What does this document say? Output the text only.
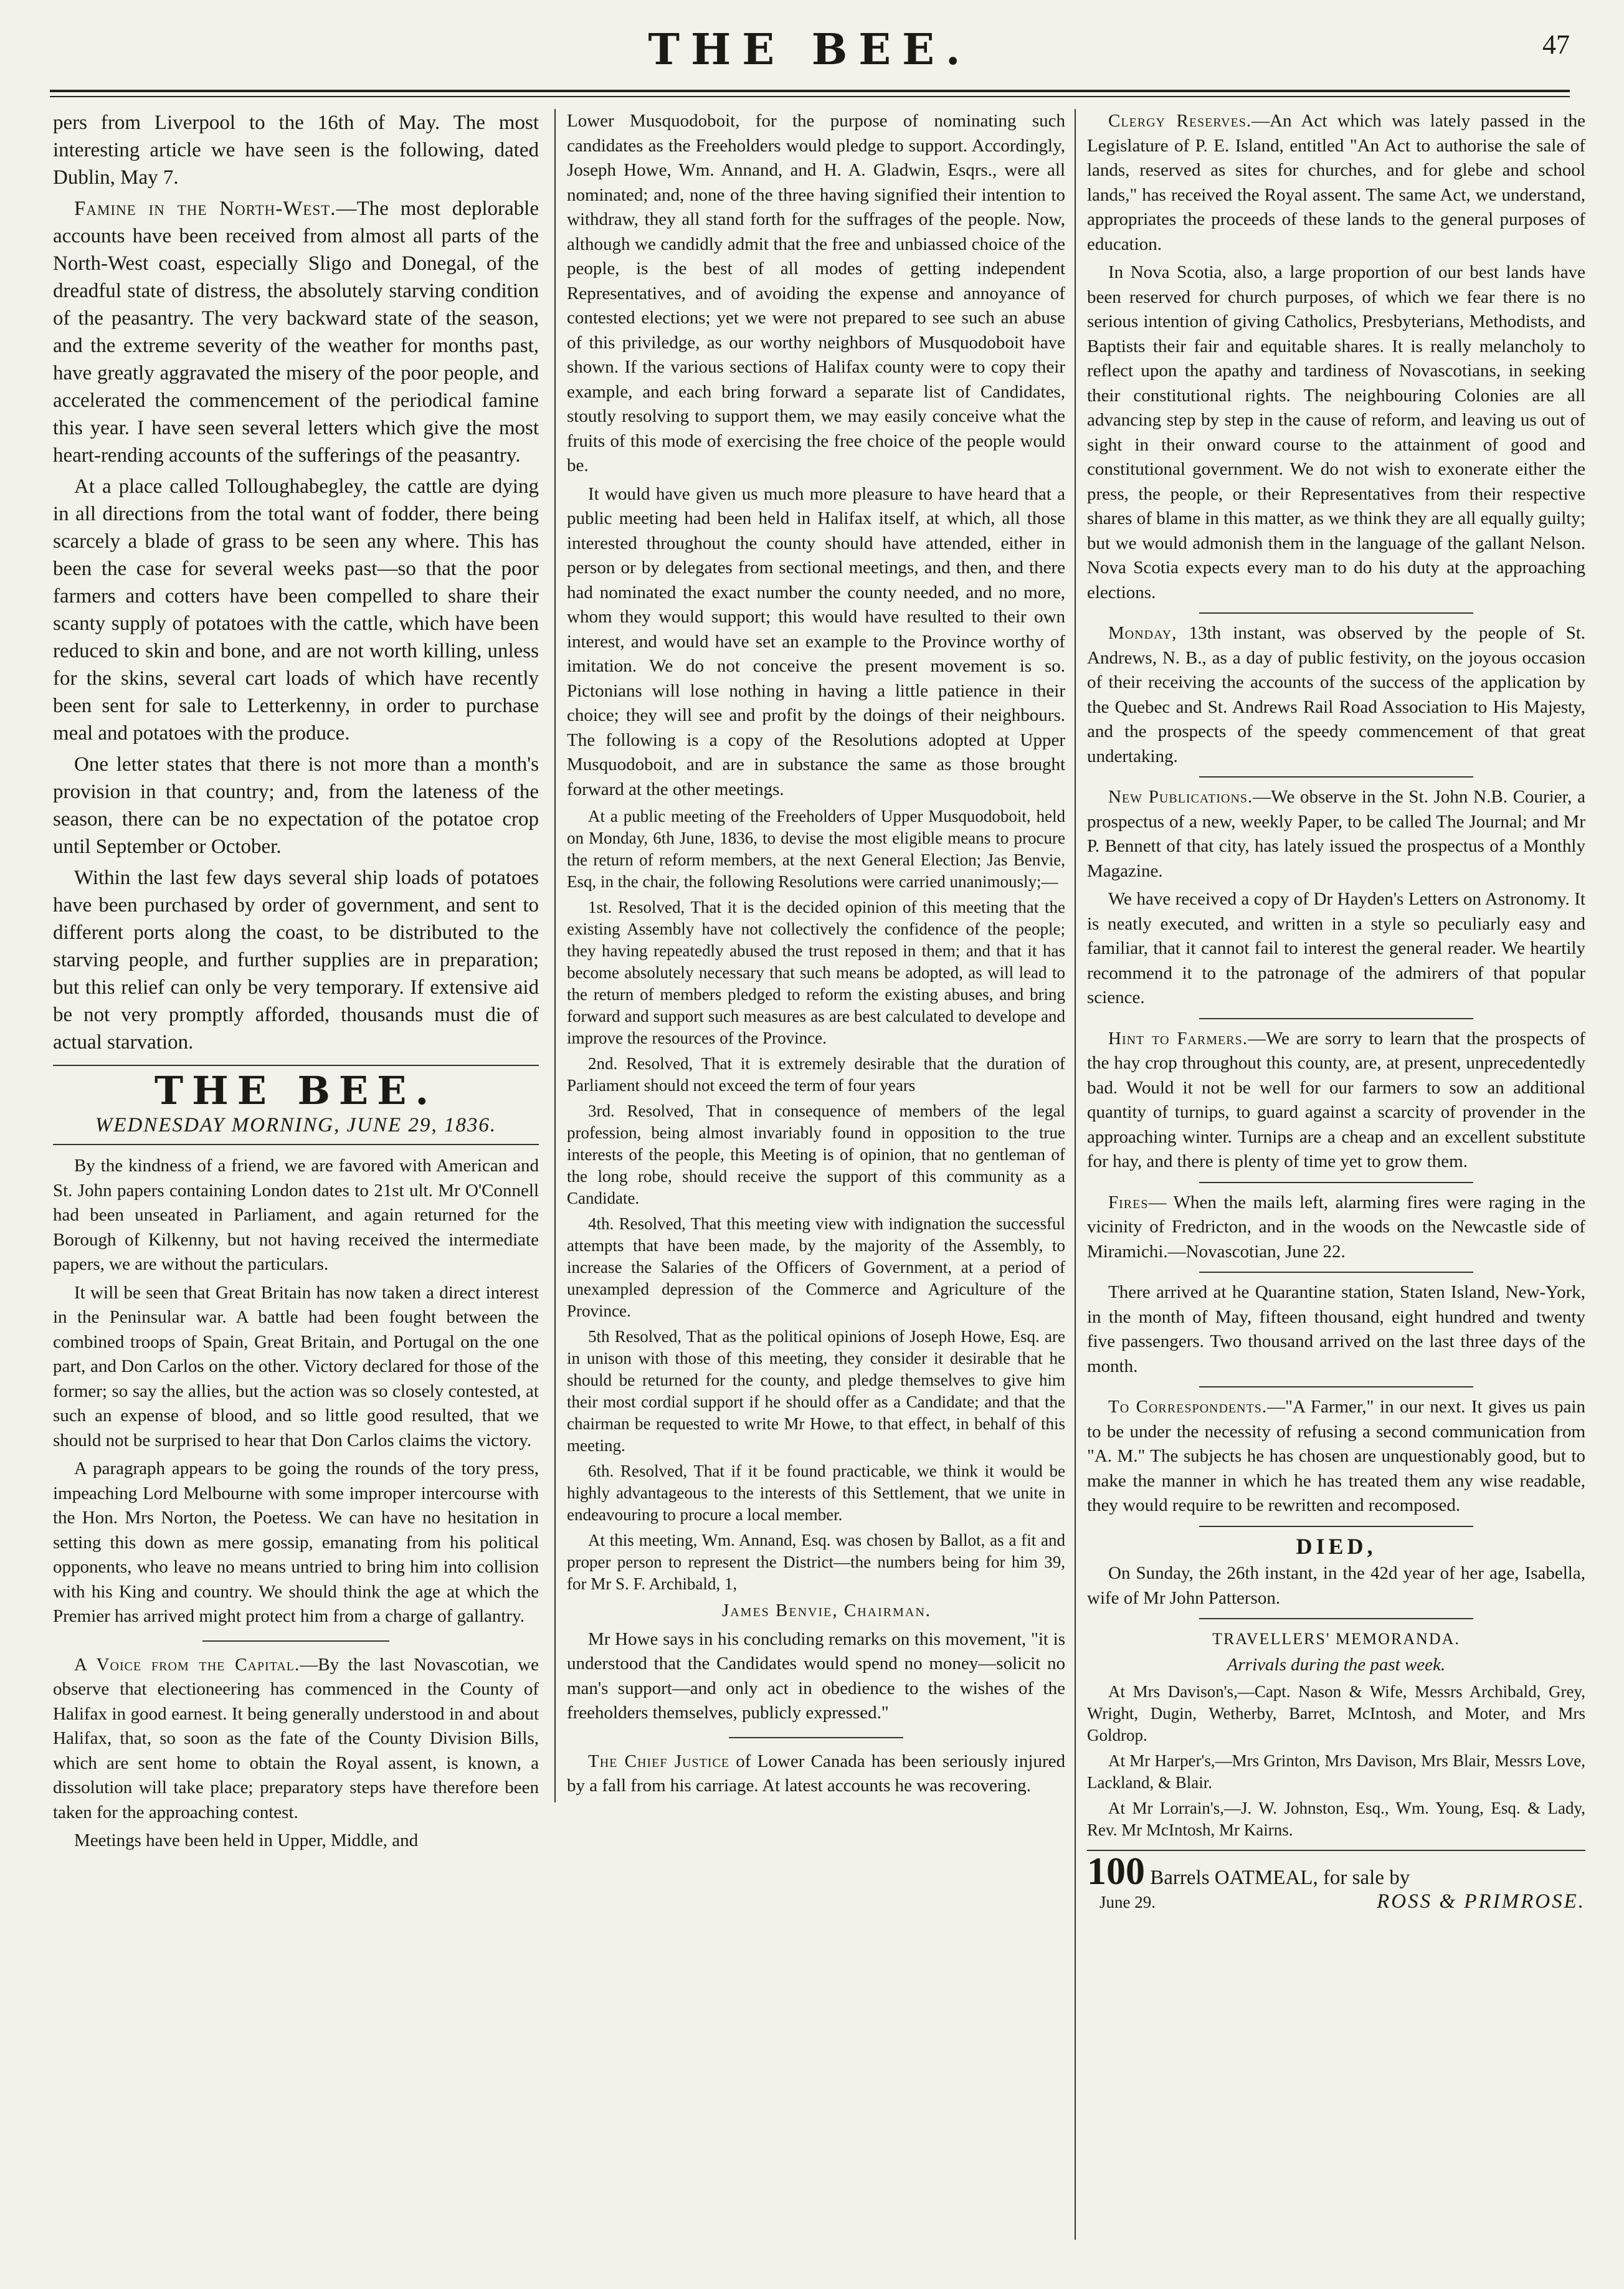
THE BEE.	47

pers from Liverpool to the 16th of May. The most interesting article we have seen is the following, dated Dublin, May 7.

Famine in the North-West.—The most deplorable accounts have been received from almost all parts of the North-West coast, especially Sligo and Donegal, of the dreadful state of distress, the absolutely starving condition of the peasantry. The very backward state of the season, and the extreme severity of the weather for months past, have greatly aggravated the misery of the poor people, and accelerated the commencement of the periodical famine this year. I have seen several letters which give the most heart-rending accounts of the sufferings of the peasantry.

At a place called Tolloughabegley, the cattle are dying in all directions from the total want of fodder, there being scarcely a blade of grass to be seen any where. This has been the case for several weeks past—so that the poor farmers and cotters have been compelled to share their scanty supply of potatoes with the cattle, which have been reduced to skin and bone, and are not worth killing, unless for the skins, several cart loads of which have recently been sent for sale to Letterkenny, in order to purchase meal and potatoes with the produce.

One letter states that there is not more than a month's provision in that country; and, from the lateness of the season, there can be no expectation of the potatoe crop until September or October.

Within the last few days several ship loads of potatoes have been purchased by order of government, and sent to different ports along the coast, to be distributed to the starving people, and further supplies are in preparation; but this relief can only be very temporary. If extensive aid be not very promptly afforded, thousands must die of actual starvation.

THE BEE.
WEDNESDAY MORNING, JUNE 29, 1836.

By the kindness of a friend, we are favored with American and St. John papers containing London dates to 21st ult. Mr O'Connell had been unseated in Parliament, and again returned for the Borough of Kilkenny, but not having received the intermediate papers, we are without the particulars.

It will be seen that Great Britain has now taken a direct interest in the Peninsular war. A battle had been fought between the combined troops of Spain, Great Britain, and Portugal on the one part, and Don Carlos on the other. Victory declared for those of the former; so say the allies, but the action was so closely contested, at such an expense of blood, and so little good resulted, that we should not be surprised to hear that Don Carlos claims the victory.

A paragraph appears to be going the rounds of the tory press, impeaching Lord Melbourne with some improper intercourse with the Hon. Mrs Norton, the Poetess. We can have no hesitation in setting this down as mere gossip, emanating from his political opponents, who leave no means untried to bring him into collision with his King and country. We should think the age at which the Premier has arrived might protect him from a charge of gallantry.

A Voice from the Capital.—By the last Novascotian, we observe that electioneering has commenced in the County of Halifax in good earnest. It being generally understood in and about Halifax, that, so soon as the fate of the County Division Bills, which are sent home to obtain the Royal assent, is known, a dissolution will take place; preparatory steps have therefore been taken for the approaching contest.

Meetings have been held in Upper, Middle, and

Lower Musquodoboit, for the purpose of nominating such candidates as the Freeholders would pledge to support. Accordingly, Joseph Howe, Wm. Annand, and H. A. Gladwin, Esqrs., were all nominated; and, none of the three having signified their intention to withdraw, they all stand forth for the suffrages of the people. Now, although we candidly admit that the free and unbiassed choice of the people, is the best of all modes of getting independent Representatives, and of avoiding the expense and annoyance of contested elections; yet we were not prepared to see such an abuse of this priviledge, as our worthy neighbors of Musquodoboit have shown. If the various sections of Halifax county were to copy their example, and each bring forward a separate list of Candidates, stoutly resolving to support them, we may easily conceive what the fruits of this mode of exercising the free choice of the people would be.

It would have given us much more pleasure to have heard that a public meeting had been held in Halifax itself, at which, all those interested throughout the county should have attended, either in person or by delegates from sectional meetings, and then, and there had nominated the exact number the county needed, and no more, whom they would support; this would have resulted to their own interest, and would have set an example to the Province worthy of imitation. We do not conceive the present movement is so. Pictonians will lose nothing in having a little patience in their choice; they will see and profit by the doings of their neighbours. The following is a copy of the Resolutions adopted at Upper Musquodoboit, and are in substance the same as those brought forward at the other meetings.

At a public meeting of the Freeholders of Upper Musquodoboit, held on Monday, 6th June, 1836, to devise the most eligible means to procure the return of reform members, at the next General Election; Jas Benvie, Esq, in the chair, the following Resolutions were carried unanimously;—

1st. Resolved, That it is the decided opinion of this meeting that the existing Assembly have not collectively the confidence of the people; they having repeatedly abused the trust reposed in them; and that it has become absolutely necessary that such means be adopted, as will lead to the return of members pledged to reform the existing abuses, and bring forward and support such measures as are best calculated to develope and improve the resources of the Province.

2nd. Resolved, That it is extremely desirable that the duration of Parliament should not exceed the term of four years

3rd. Resolved, That in consequence of members of the legal profession, being almost invariably found in opposition to the true interests of the people, this Meeting is of opinion, that no gentleman of the long robe, should receive the support of this community as a Candidate.

4th. Resolved, That this meeting view with indignation the successful attempts that have been made, by the majority of the Assembly, to increase the Salaries of the Officers of Government, at a period of unexampled depression of the Commerce and Agriculture of the Province.

5th Resolved, That as the political opinions of Joseph Howe, Esq. are in unison with those of this meeting, they consider it desirable that he should be returned for the county, and pledge themselves to give him their most cordial support if he should offer as a Candidate; and that the chairman be requested to write Mr Howe, to that effect, in behalf of this meeting.

6th. Resolved, That if it be found practicable, we think it would be highly advantageous to the interests of this Settlement, that we unite in endeavouring to procure a local member.

At this meeting, Wm. Annand, Esq. was chosen by Ballot, as a fit and proper person to represent the District—the numbers being for him 39, for Mr S. F. Archibald, 1,

James Benvie, Chairman.

Mr Howe says in his concluding remarks on this movement, "it is understood that the Candidates would spend no money—solicit no man's support—and only act in obedience to the wishes of the freeholders themselves, publicly expressed."

The Chief Justice of Lower Canada has been seriously injured by a fall from his carriage. At latest accounts he was recovering.

Clergy Reserves.—An Act which was lately passed in the Legislature of P. E. Island, entitled "An Act to authorise the sale of lands, reserved as sites for churches, and for glebe and school lands," has received the Royal assent. The same Act, we understand, appropriates the proceeds of these lands to the general purposes of education.

In Nova Scotia, also, a large proportion of our best lands have been reserved for church purposes, of which we fear there is no serious intention of giving Catholics, Presbyterians, Methodists, and Baptists their fair and equitable shares. It is really melancholy to reflect upon the apathy and tardiness of Novascotians, in seeking their constitutional rights. The neighbouring Colonies are all advancing step by step in the cause of reform, and leaving us out of sight in their onward course to the attainment of good and constitutional government. We do not wish to exonerate either the press, the people, or their Representatives from their respective shares of blame in this matter, as we think they are all equally guilty; but we would admonish them in the language of the gallant Nelson. Nova Scotia expects every man to do his duty at the approaching elections.

Monday, 13th instant, was observed by the people of St. Andrews, N. B., as a day of public festivity, on the joyous occasion of their receiving the accounts of the success of the application by the Quebec and St. Andrews Rail Road Association to His Majesty, and the prospects of the speedy commencement of that great undertaking.

New Publications.—We observe in the St. John N.B. Courier, a prospectus of a new, weekly Paper, to be called The Journal; and Mr P. Bennett of that city, has lately issued the prospectus of a Monthly Magazine.

We have received a copy of Dr Hayden's Letters on Astronomy. It is neatly executed, and written in a style so peculiarly easy and familiar, that it cannot fail to interest the general reader. We heartily recommend it to the patronage of the admirers of that popular science.

Hint to Farmers.—We are sorry to learn that the prospects of the hay crop throughout this county, are, at present, unprecedentedly bad. Would it not be well for our farmers to sow an additional quantity of turnips, to guard against a scarcity of provender in the approaching winter. Turnips are a cheap and an excellent substitute for hay, and there is plenty of time yet to grow them.

Fires— When the mails left, alarming fires were raging in the vicinity of Fredricton, and in the woods on the Newcastle side of Miramichi.—Novascotian, June 22.

There arrived at he Quarantine station, Staten Island, New-York, in the month of May, fifteen thousand, eight hundred and twenty five passengers. Two thousand arrived on the last three days of the month.

To Correspondents.—"A Farmer," in our next. It gives us pain to be under the necessity of refusing a second communication from "A. M." The subjects he has chosen are unquestionably good, but to make the manner in which he has treated them any wise readable, they would require to be rewritten and recomposed.

DIED,

On Sunday, the 26th instant, in the 42d year of her age, Isabella, wife of Mr John Patterson.

TRAVELLERS' MEMORANDA.

Arrivals during the past week.

At Mrs Davison's,—Capt. Nason & Wife, Messrs Archibald, Grey, Wright, Dugin, Wetherby, Barret, McIntosh, and Moter, and Mrs Goldrop.

At Mr Harper's,—Mrs Grinton, Mrs Davison, Mrs Blair, Messrs Love, Lackland, & Blair.

At Mr Lorrain's,—J. W. Johnston, Esq., Wm. Young, Esq. & Lady, Rev. Mr McIntosh, Mr Kairns.

100 Barrels OATMEAL, for sale by
June 29.	ROSS & PRIMROSE.
